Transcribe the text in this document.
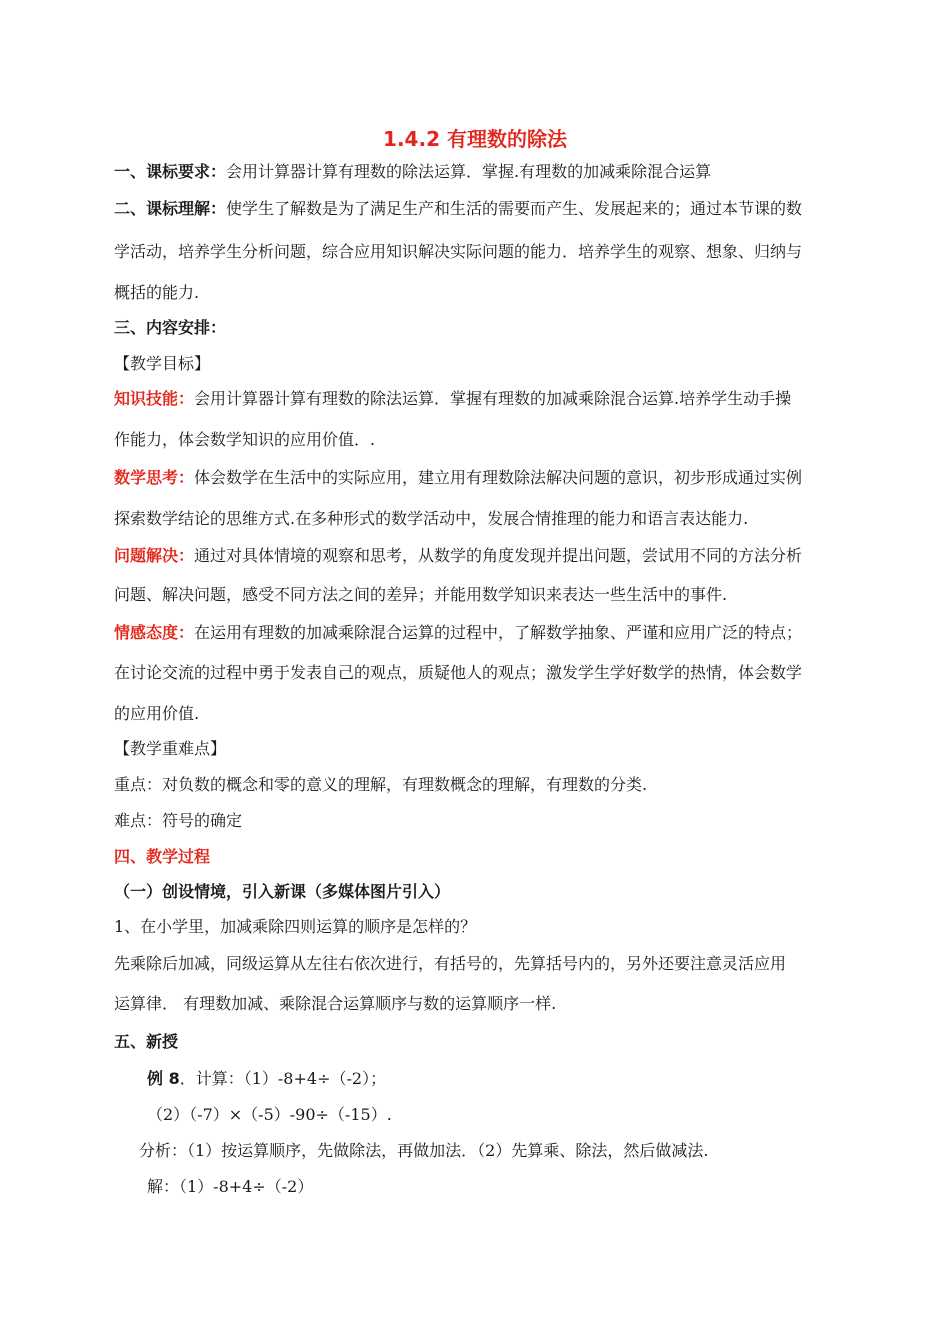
1.4.2 有理数的除法
一、课标要求：会用计算器计算有理数的除法运算．掌握.有理数的加减乘除混合运算
二、课标理解：使学生了解数是为了满足生产和生活的需要而产生、发展起来的；通过本节课的数
学活动，培养学生分析问题，综合应用知识解决实际问题的能力．培养学生的观察、想象、归纳与
概括的能力.
三、内容安排：
【教学目标】
知识技能：会用计算器计算有理数的除法运算．掌握有理数的加减乘除混合运算.培养学生动手操
作能力，体会数学知识的应用价值．.
数学思考：体会数学在生活中的实际应用，建立用有理数除法解决问题的意识，初步形成通过实例
探索数学结论的思维方式.在多种形式的数学活动中，发展合情推理的能力和语言表达能力.
问题解决：通过对具体情境的观察和思考，从数学的角度发现并提出问题，尝试用不同的方法分析
问题、解决问题，感受不同方法之间的差异；并能用数学知识来表达一些生活中的事件.
情感态度：在运用有理数的加减乘除混合运算的过程中，了解数学抽象、严谨和应用广泛的特点；
在讨论交流的过程中勇于发表自己的观点，质疑他人的观点；激发学生学好数学的热情，体会数学
的应用价值.
【教学重难点】
重点：对负数的概念和零的意义的理解，有理数概念的理解，有理数的分类.
难点：符号的确定
四、教学过程
（一）创设情境，引入新课（多媒体图片引入）
1、在小学里，加减乘除四则运算的顺序是怎样的？
先乘除后加减，同级运算从左往右依次进行，有括号的，先算括号内的，另外还要注意灵活应用
运算律． 有理数加减、乘除混合运算顺序与数的运算顺序一样.
五、新授
例 8．计算：（1）-8+4÷（-2）；
（2）（-7）×（-5）-90÷（-15）.
分析：（1）按运算顺序，先做除法，再做加法．（2）先算乘、除法，然后做减法.
解：（1）-8+4÷（-2）
